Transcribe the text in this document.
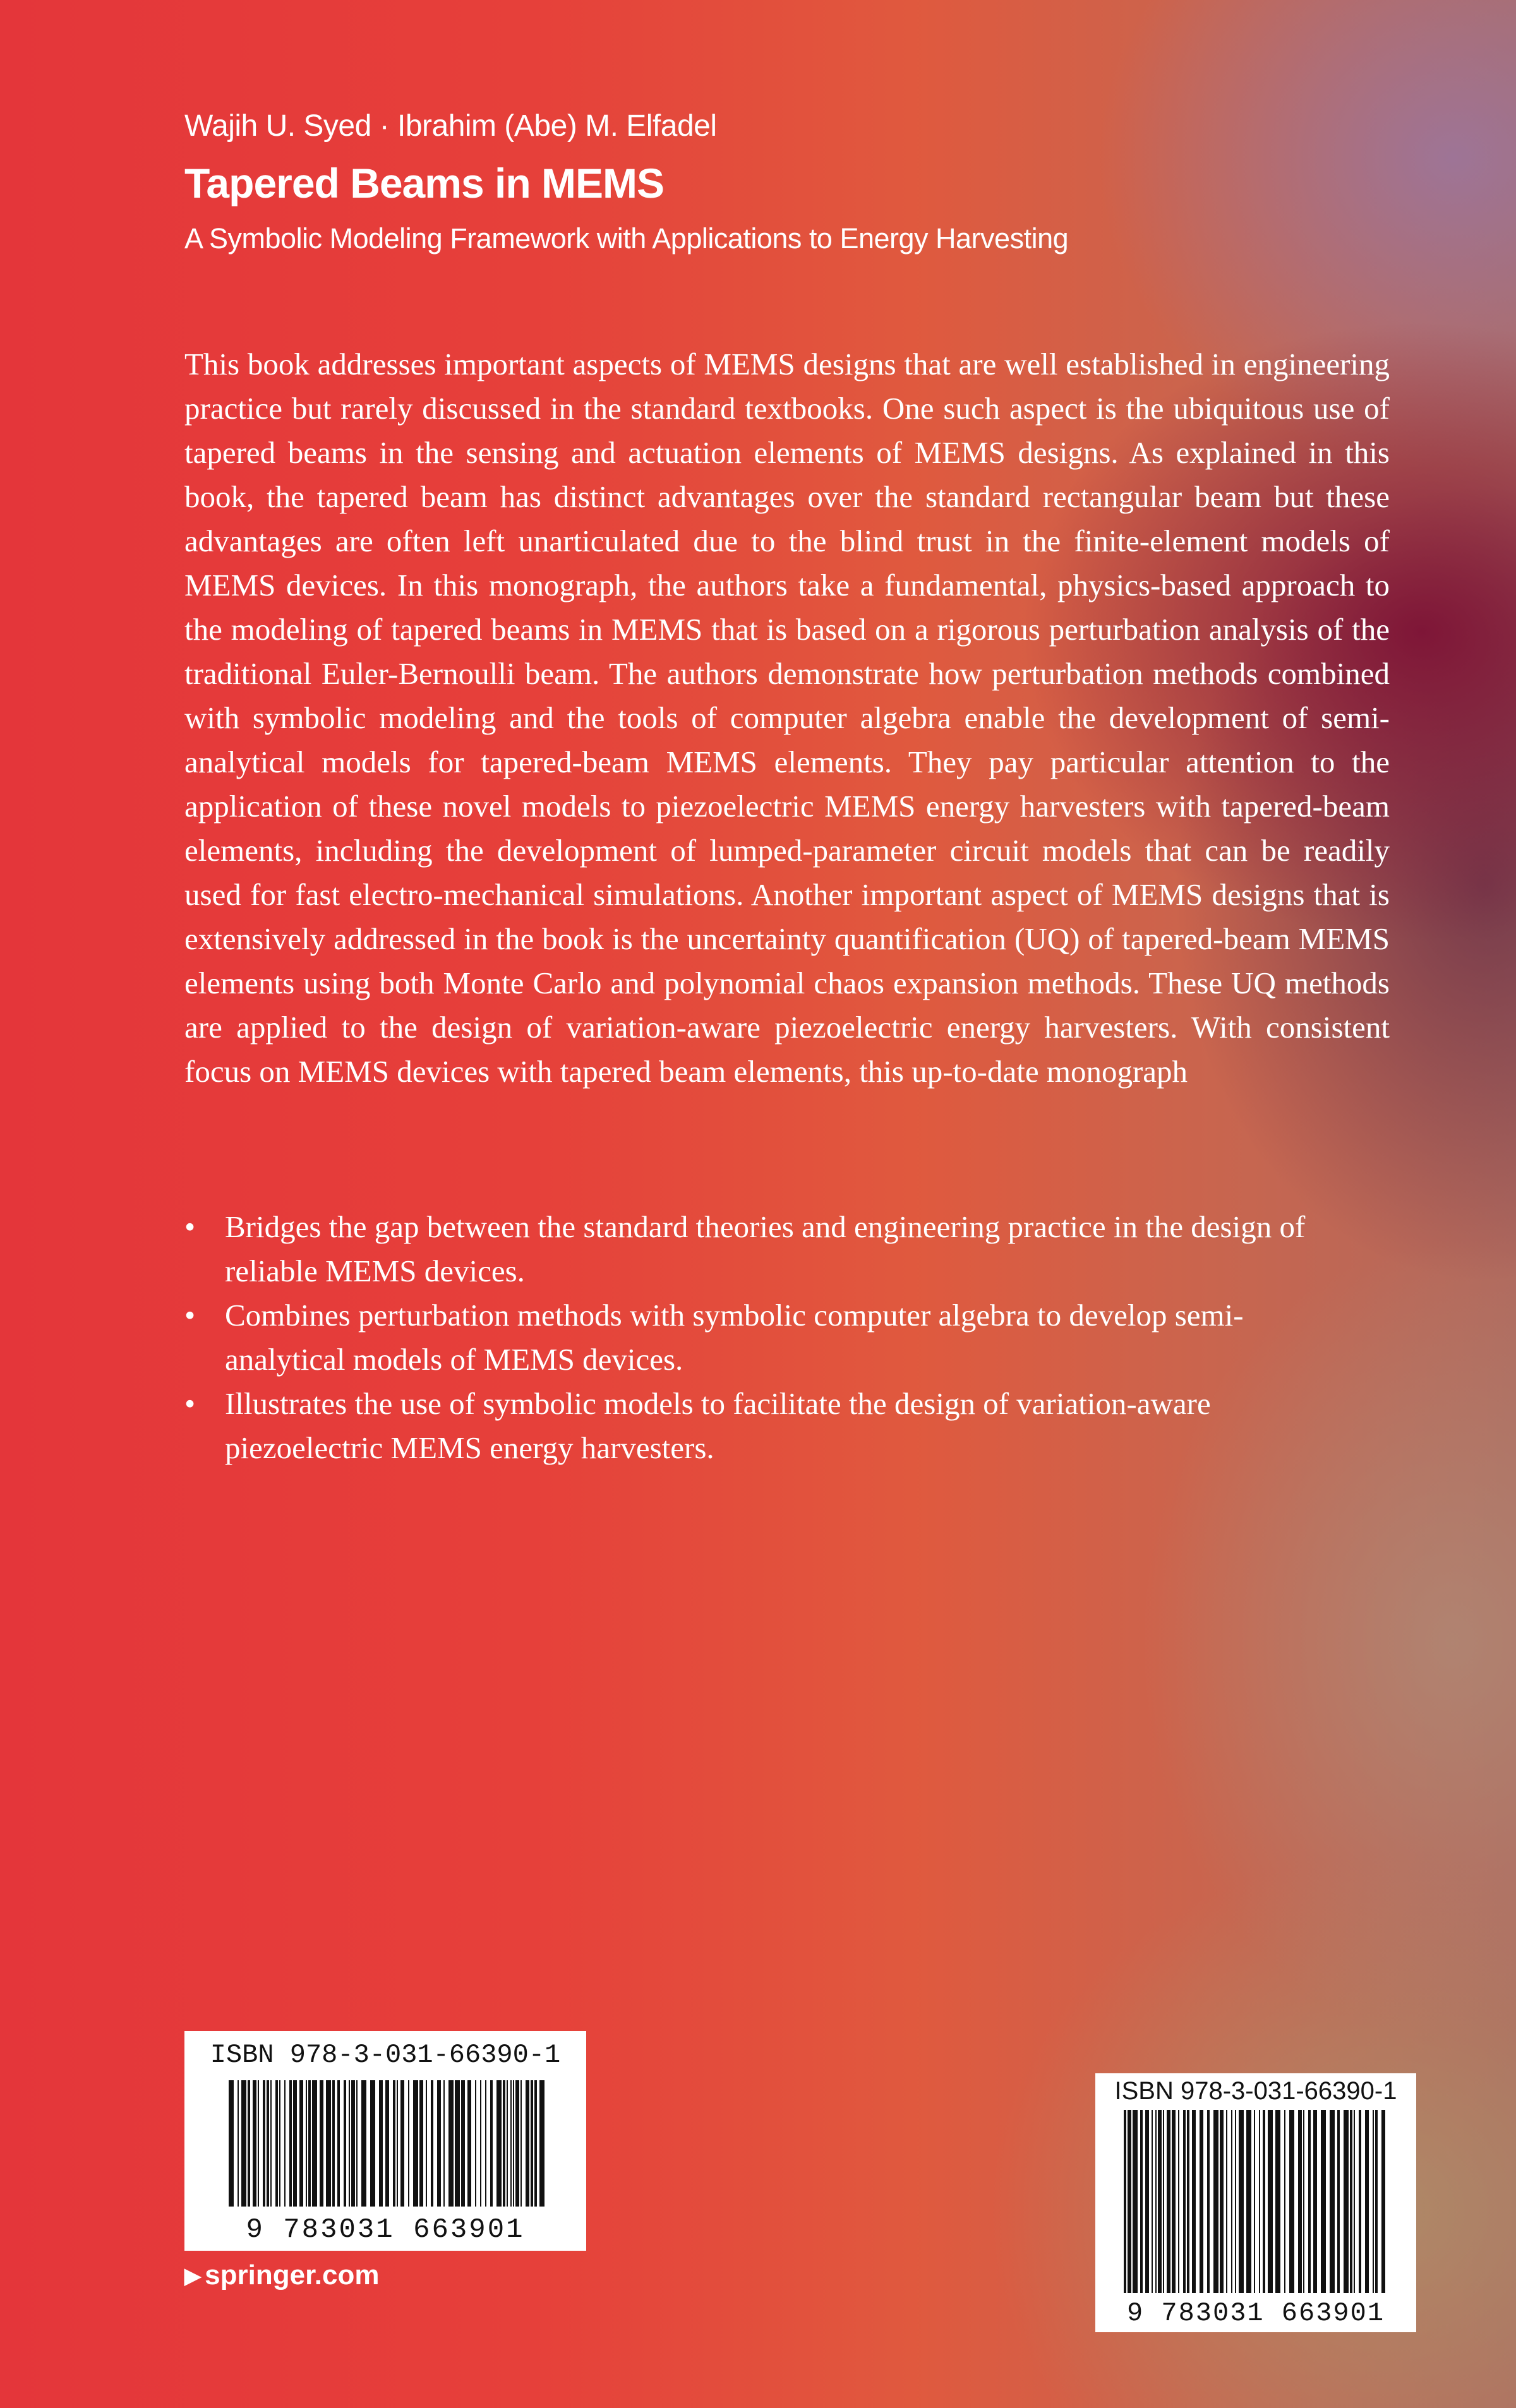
Wajih U. Syed · Ibrahim (Abe) M. Elfadel
Tapered Beams in MEMS
A Symbolic Modeling Framework with Applications to Energy Harvesting

This book addresses important aspects of MEMS designs that are well established in engineering practice but rarely discussed in the standard textbooks. One such aspect is the ubiquitous use of tapered beams in the sensing and actuation elements of MEMS designs. As explained in this book, the tapered beam has distinct advantages over the standard rectangular beam but these advantages are often left unarticulated due to the blind trust in the finite-element models of MEMS devices. In this monograph, the authors take a fundamental, physics-based approach to the modeling of tapered beams in MEMS that is based on a rigorous perturbation analysis of the traditional Euler-Bernoulli beam. The authors demonstrate how perturbation methods combined with symbolic modeling and the tools of computer algebra enable the development of semi-analytical models for tapered-beam MEMS elements. They pay particular attention to the application of these novel models to piezoelectric MEMS energy harvesters with tapered-beam elements, including the development of lumped-parameter circuit models that can be readily used for fast electro-mechanical simulations. Another important aspect of MEMS designs that is extensively addressed in the book is the uncertainty quantification (UQ) of tapered-beam MEMS elements using both Monte Carlo and polynomial chaos expansion methods. These UQ methods are applied to the design of variation-aware piezoelectric energy harvesters. With consistent focus on MEMS devices with tapered beam elements, this up-to-date monograph

• Bridges the gap between the standard theories and engineering practice in the design of reliable MEMS devices.
• Combines perturbation methods with symbolic computer algebra to develop semi-analytical models of MEMS devices.
• Illustrates the use of symbolic models to facilitate the design of variation-aware piezoelectric MEMS energy harvesters.
ISBN 978-3-031-66390-1
9 783031 663901
▶ springer.com
ISBN 978-3-031-66390-1
9 783031 663901
